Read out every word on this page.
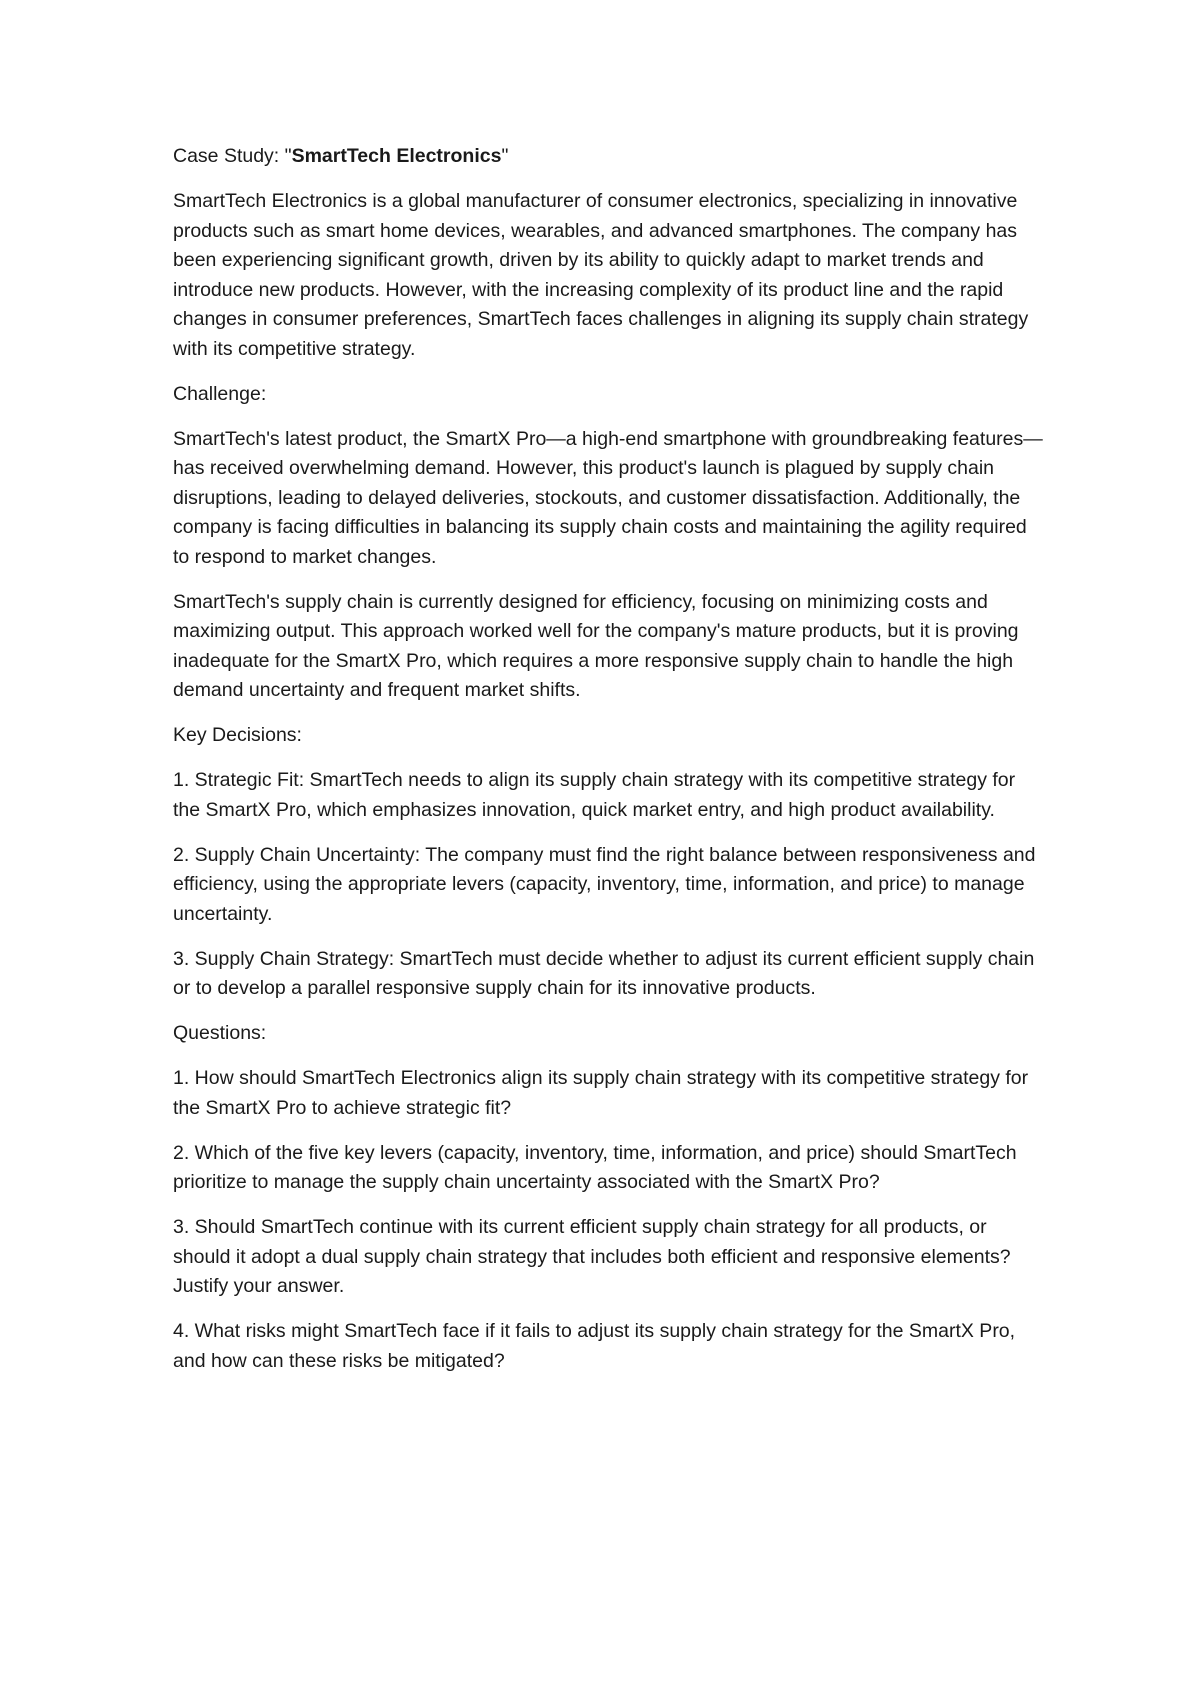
Case Study: "SmartTech Electronics"

SmartTech Electronics is a global manufacturer of consumer electronics, specializing in innovative products such as smart home devices, wearables, and advanced smartphones. The company has been experiencing significant growth, driven by its ability to quickly adapt to market trends and introduce new products. However, with the increasing complexity of its product line and the rapid changes in consumer preferences, SmartTech faces challenges in aligning its supply chain strategy with its competitive strategy.

Challenge:

SmartTech's latest product, the SmartX Pro—a high-end smartphone with groundbreaking features—has received overwhelming demand. However, this product's launch is plagued by supply chain disruptions, leading to delayed deliveries, stockouts, and customer dissatisfaction. Additionally, the company is facing difficulties in balancing its supply chain costs and maintaining the agility required to respond to market changes.

SmartTech's supply chain is currently designed for efficiency, focusing on minimizing costs and maximizing output. This approach worked well for the company's mature products, but it is proving inadequate for the SmartX Pro, which requires a more responsive supply chain to handle the high demand uncertainty and frequent market shifts.

Key Decisions:

1. Strategic Fit: SmartTech needs to align its supply chain strategy with its competitive strategy for the SmartX Pro, which emphasizes innovation, quick market entry, and high product availability.

2. Supply Chain Uncertainty: The company must find the right balance between responsiveness and efficiency, using the appropriate levers (capacity, inventory, time, information, and price) to manage uncertainty.

3. Supply Chain Strategy: SmartTech must decide whether to adjust its current efficient supply chain or to develop a parallel responsive supply chain for its innovative products.

Questions:

1. How should SmartTech Electronics align its supply chain strategy with its competitive strategy for the SmartX Pro to achieve strategic fit?

2. Which of the five key levers (capacity, inventory, time, information, and price) should SmartTech prioritize to manage the supply chain uncertainty associated with the SmartX Pro?

3. Should SmartTech continue with its current efficient supply chain strategy for all products, or should it adopt a dual supply chain strategy that includes both efficient and responsive elements? Justify your answer.

4. What risks might SmartTech face if it fails to adjust its supply chain strategy for the SmartX Pro, and how can these risks be mitigated?
